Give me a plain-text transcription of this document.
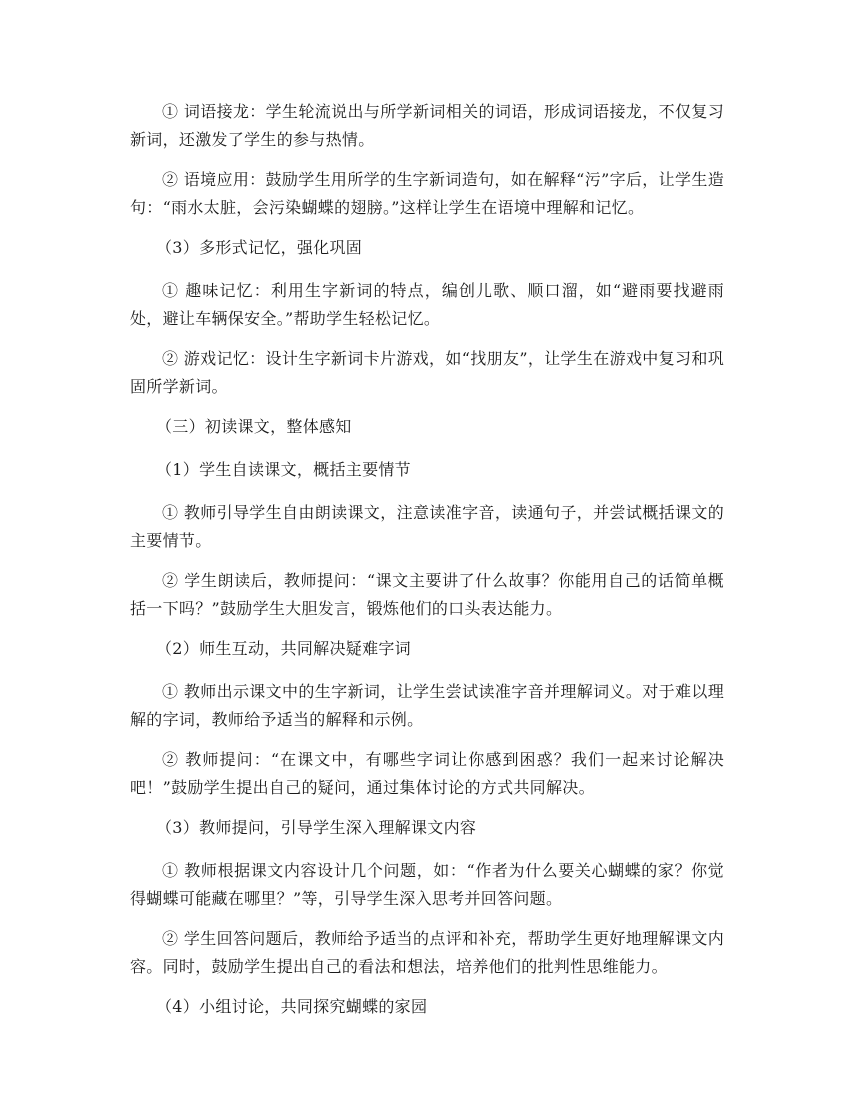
① 词语接龙：学生轮流说出与所学新词相关的词语，形成词语接龙，不仅复习新词，还激发了学生的参与热情。

② 语境应用：鼓励学生用所学的生字新词造句，如在解释“污”字后，让学生造句：“雨水太脏，会污染蝴蝶的翅膀。”这样让学生在语境中理解和记忆。

（3）多形式记忆，强化巩固

① 趣味记忆：利用生字新词的特点，编创儿歌、顺口溜，如“避雨要找避雨处，避让车辆保安全。”帮助学生轻松记忆。

② 游戏记忆：设计生字新词卡片游戏，如“找朋友”，让学生在游戏中复习和巩固所学新词。

（三）初读课文，整体感知

（1）学生自读课文，概括主要情节

① 教师引导学生自由朗读课文，注意读准字音，读通句子，并尝试概括课文的主要情节。

② 学生朗读后，教师提问：“课文主要讲了什么故事？你能用自己的话简单概括一下吗？”鼓励学生大胆发言，锻炼他们的口头表达能力。

（2）师生互动，共同解决疑难字词

① 教师出示课文中的生字新词，让学生尝试读准字音并理解词义。对于难以理解的字词，教师给予适当的解释和示例。

② 教师提问：“在课文中，有哪些字词让你感到困惑？我们一起来讨论解决吧！”鼓励学生提出自己的疑问，通过集体讨论的方式共同解决。

（3）教师提问，引导学生深入理解课文内容

① 教师根据课文内容设计几个问题，如：“作者为什么要关心蝴蝶的家？你觉得蝴蝶可能藏在哪里？”等，引导学生深入思考并回答问题。

② 学生回答问题后，教师给予适当的点评和补充，帮助学生更好地理解课文内容。同时，鼓励学生提出自己的看法和想法，培养他们的批判性思维能力。

（4）小组讨论，共同探究蝴蝶的家园
